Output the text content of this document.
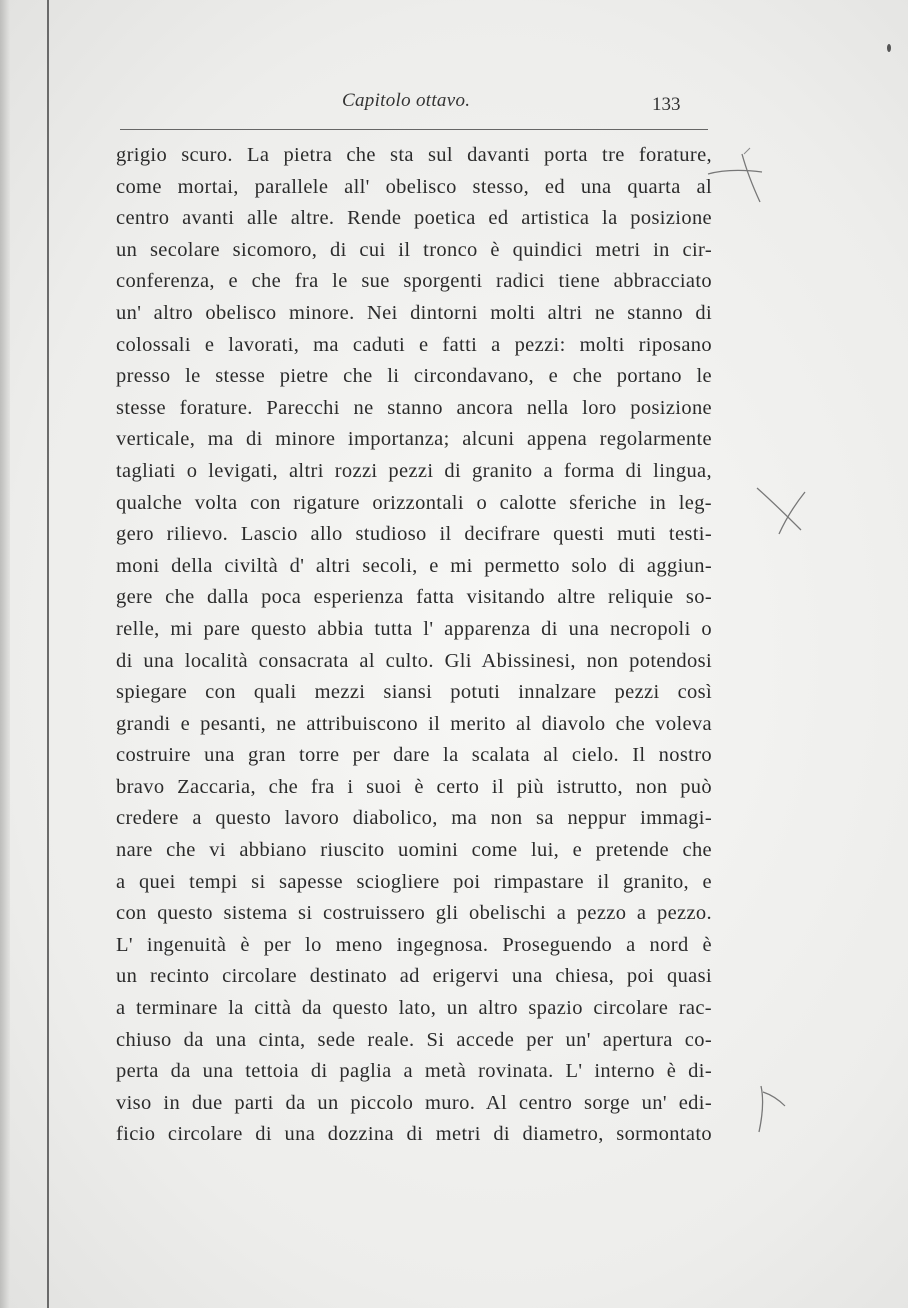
Capitolo ottavo.	133
grigio scuro. La pietra che sta sul davanti porta tre forature,
come mortai, parallele all' obelisco stesso, ed una quarta al
centro avanti alle altre. Rende poetica ed artistica la posizione
un secolare sicomoro, di cui il tronco è quindici metri in cir-
conferenza, e che fra le sue sporgenti radici tiene abbracciato
un' altro obelisco minore. Nei dintorni molti altri ne stanno di
colossali e lavorati, ma caduti e fatti a pezzi: molti riposano
presso le stesse pietre che li circondavano, e che portano le
stesse forature. Parecchi ne stanno ancora nella loro posizione
verticale, ma di minore importanza; alcuni appena regolarmente
tagliati o levigati, altri rozzi pezzi di granito a forma di lingua,
qualche volta con rigature orizzontali o calotte sferiche in leg-
gero rilievo. Lascio allo studioso il decifrare questi muti testi-
moni della civiltà d' altri secoli, e mi permetto solo di aggiun-
gere che dalla poca esperienza fatta visitando altre reliquie so-
relle, mi pare questo abbia tutta l' apparenza di una necropoli o
di una località consacrata al culto. Gli Abissinesi, non potendosi
spiegare con quali mezzi siansi potuti innalzare pezzi così
grandi e pesanti, ne attribuiscono il merito al diavolo che voleva
costruire una gran torre per dare la scalata al cielo. Il nostro
bravo Zaccaria, che fra i suoi è certo il più istrutto, non può
credere a questo lavoro diabolico, ma non sa neppur immagi-
nare che vi abbiano riuscito uomini come lui, e pretende che
a quei tempi si sapesse sciogliere poi rimpastare il granito, e
con questo sistema si costruissero gli obelischi a pezzo a pezzo.
L' ingenuità è per lo meno ingegnosa. Proseguendo a nord è
un recinto circolare destinato ad erigervi una chiesa, poi quasi
a terminare la città da questo lato, un altro spazio circolare rac-
chiuso da una cinta, sede reale. Si accede per un' apertura co-
perta da una tettoia di paglia a metà rovinata. L' interno è di-
viso in due parti da un piccolo muro. Al centro sorge un' edi-
ficio circolare di una dozzina di metri di diametro, sormontato
